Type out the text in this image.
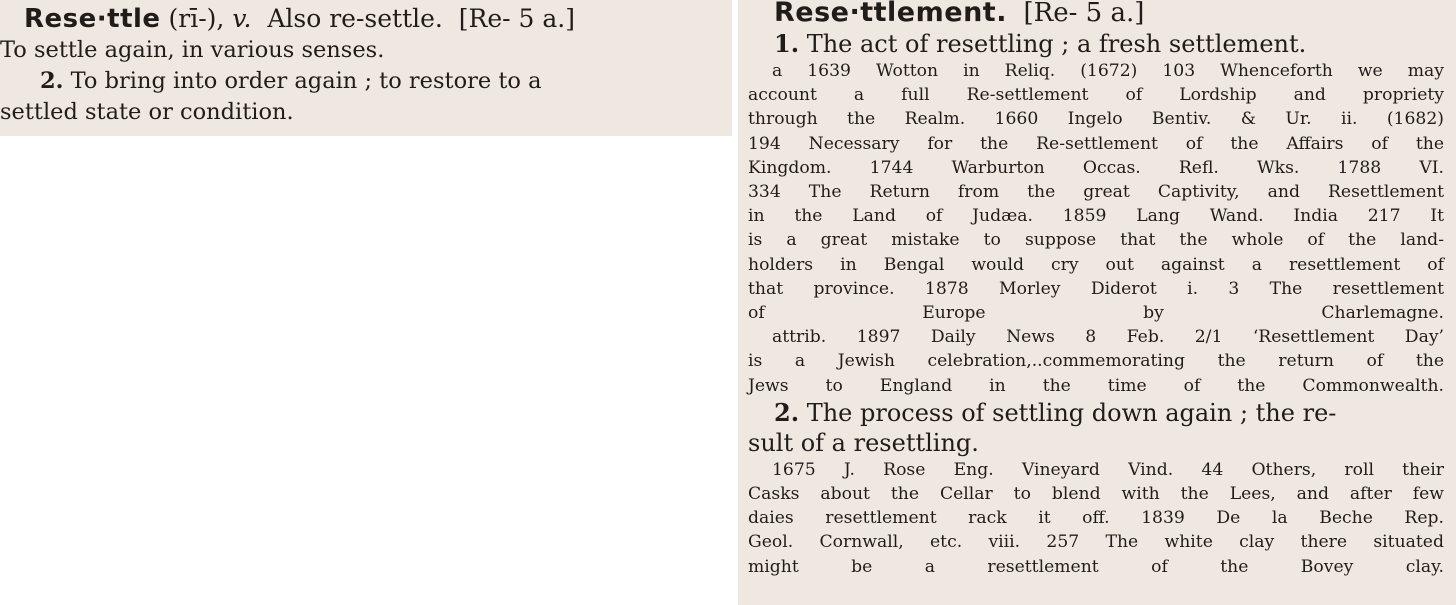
Rese·ttle (rī-), v. Also re-settle. [Re- 5 a.]
To settle again, in various senses.
2. To bring into order again ; to restore to a
settled state or condition.
Rese·ttlement. [Re- 5 a.]
1. The act of resettling ; a fresh settlement.
a 1639 Wotton in Reliq. (1672) 103 Whenceforth we may
account a full Re-settlement of Lordship and propriety
through the Realm. 1660 Ingelo Bentiv. & Ur. ii. (1682)
194 Necessary for the Re-settlement of the Affairs of the
Kingdom. 1744 Warburton Occas. Refl. Wks. 1788 VI.
334 The Return from the great Captivity, and Resettlement
in the Land of Judæa. 1859 Lang Wand. India 217 It
is a great mistake to suppose that the whole of the land-
holders in Bengal would cry out against a resettlement of
that province. 1878 Morley Diderot i. 3 The resettlement
of Europe by Charlemagne.
attrib. 1897 Daily News 8 Feb. 2/1 ‘Resettlement Day’
is a Jewish celebration,..commemorating the return of the
Jews to England in the time of the Commonwealth.
2. The process of settling down again ; the re-
sult of a resettling.
1675 J. Rose Eng. Vineyard Vind. 44 Others, roll their
Casks about the Cellar to blend with the Lees, and after few
daies resettlement rack it off. 1839 De la Beche Rep.
Geol. Cornwall, etc. viii. 257 The white clay there situated
might be a resettlement of the Bovey clay.
